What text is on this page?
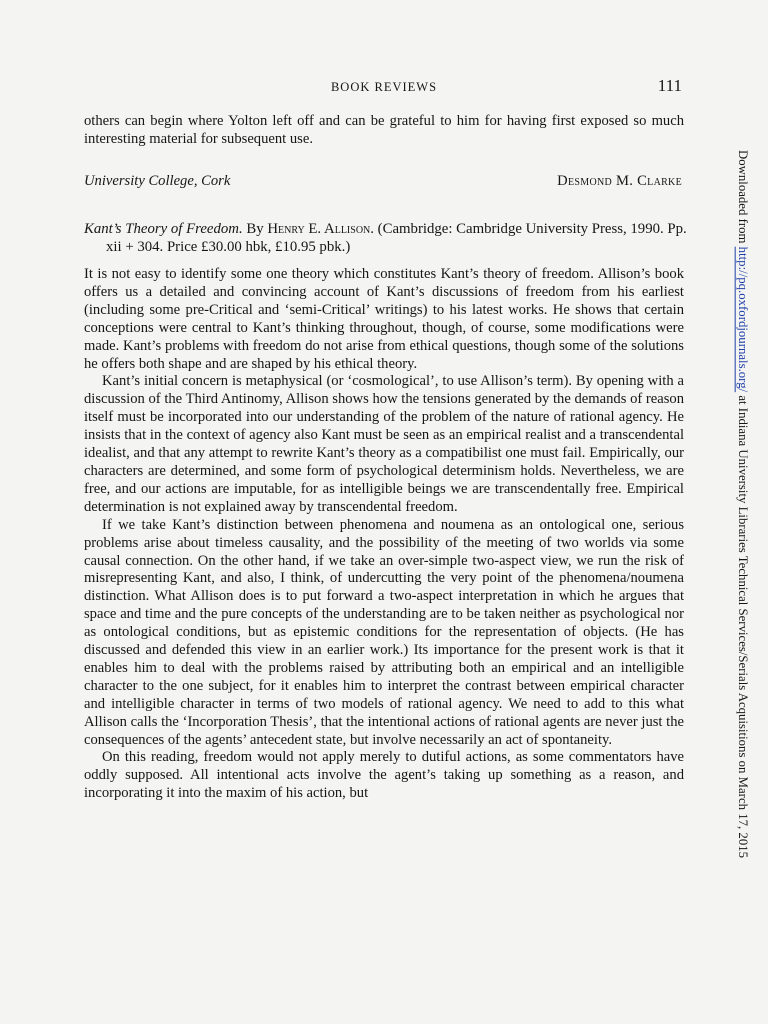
BOOK REVIEWS	111

others can begin where Yolton left off and can be grateful to him for having first exposed so much interesting material for subsequent use.

University College, Cork	Desmond M. Clarke
Kant’s Theory of Freedom. By Henry E. Allison. (Cambridge: Cambridge University Press, 1990. Pp. xii + 304. Price £30.00 hbk, £10.95 pbk.)

It is not easy to identify some one theory which constitutes Kant’s theory of freedom. Allison’s book offers us a detailed and convincing account of Kant’s discussions of freedom from his earliest (including some pre-Critical and ‘semi-Critical’ writings) to his latest works. He shows that certain conceptions were central to Kant’s thinking throughout, though, of course, some modifications were made. Kant’s problems with freedom do not arise from ethical questions, though some of the solutions he offers both shape and are shaped by his ethical theory.

Kant’s initial concern is metaphysical (or ‘cosmological’, to use Allison’s term). By opening with a discussion of the Third Antinomy, Allison shows how the tensions generated by the demands of reason itself must be incorporated into our understanding of the problem of the nature of rational agency. He insists that in the context of agency also Kant must be seen as an empirical realist and a transcendental idealist, and that any attempt to rewrite Kant’s theory as a compatibilist one must fail. Empirically, our characters are determined, and some form of psychological determinism holds. Nevertheless, we are free, and our actions are imputable, for as intelligible beings we are transcendentally free. Empirical determination is not explained away by transcendental freedom.

If we take Kant’s distinction between phenomena and noumena as an ontological one, serious problems arise about timeless causality, and the possibility of the meeting of two worlds via some causal connection. On the other hand, if we take an over-simple two-aspect view, we run the risk of misrepresenting Kant, and also, I think, of undercutting the very point of the phenomena/noumena distinction. What Allison does is to put forward a two-aspect interpretation in which he argues that space and time and the pure concepts of the understanding are to be taken neither as psychological nor as ontological conditions, but as epistemic conditions for the representation of objects. (He has discussed and defended this view in an earlier work.) Its importance for the present work is that it enables him to deal with the problems raised by attributing both an empirical and an intelligible character to the one subject, for it enables him to interpret the contrast between empirical character and intelligible character in terms of two models of rational agency. We need to add to this what Allison calls the ‘Incorporation Thesis’, that the intentional actions of rational agents are never just the consequences of the agents’ antecedent state, but involve necessarily an act of spontaneity.

On this reading, freedom would not apply merely to dutiful actions, as some commentators have oddly supposed. All intentional acts involve the agent’s taking up something as a reason, and incorporating it into the maxim of his action, but

Downloaded from http://pq.oxfordjournals.org/ at Indiana University Libraries Technical Services/Serials Acquisitions on March 17, 2015
